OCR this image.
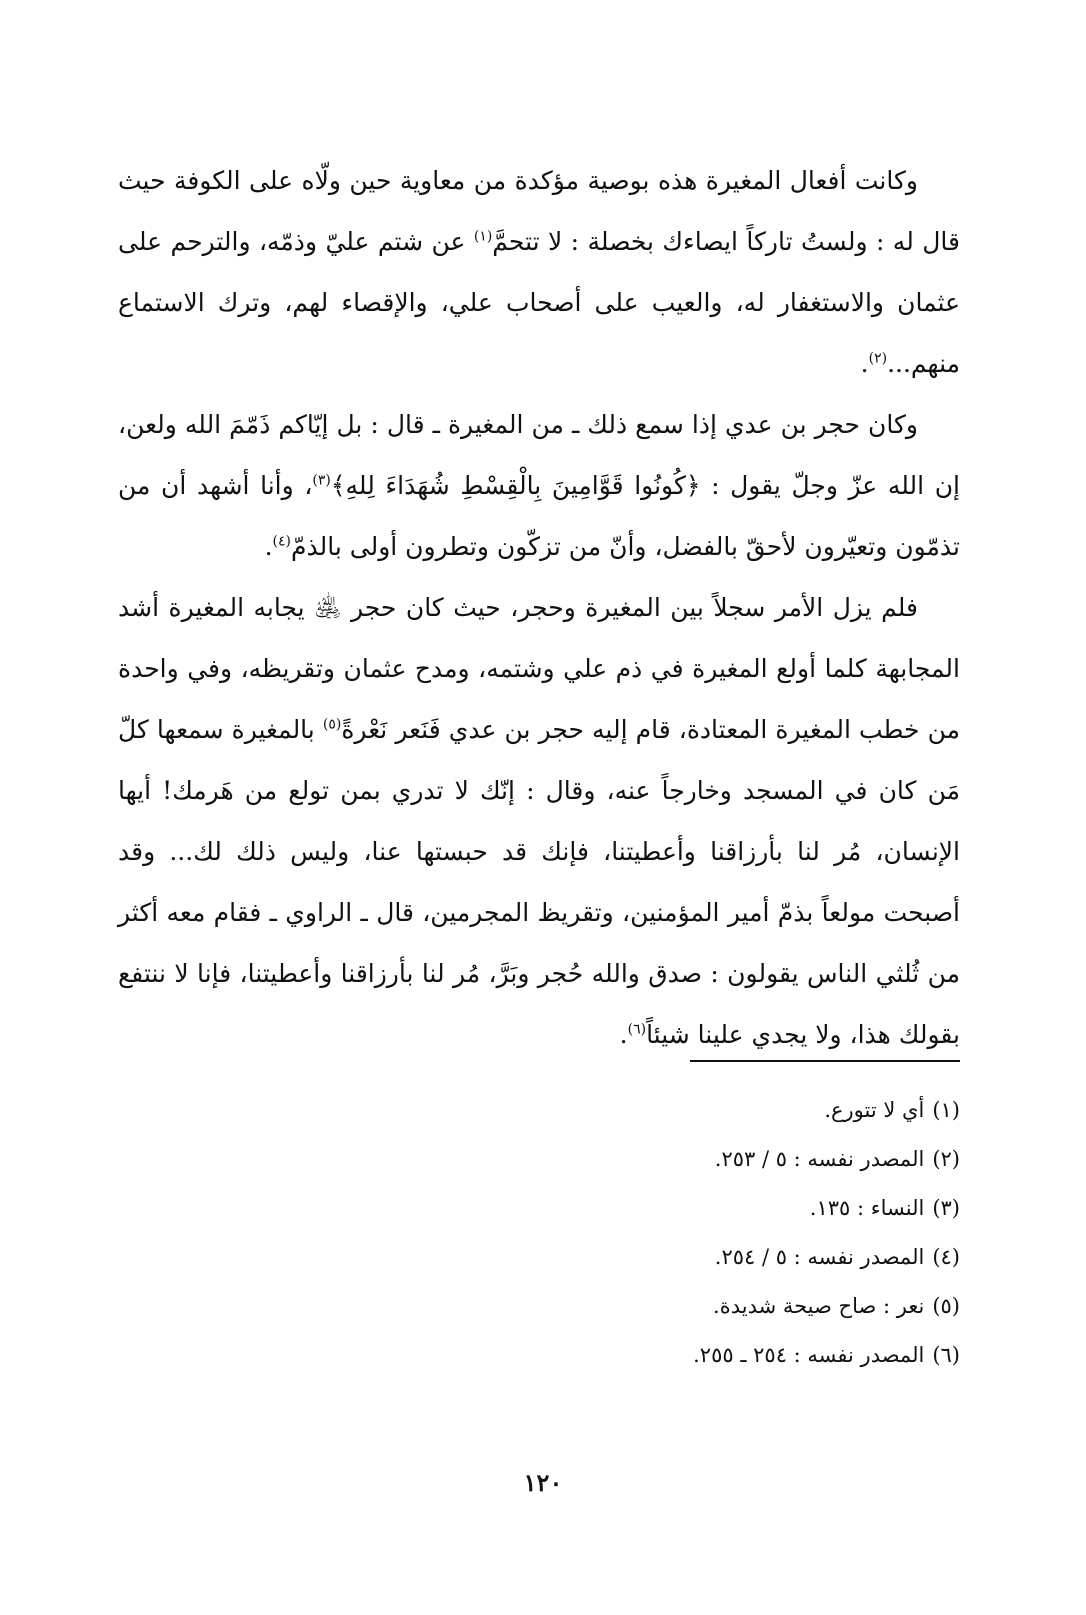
وكانت أفعال المغيرة هذه بوصية مؤكدة من معاوية حين ولّاه على الكوفة حيث قال له : ولستُ تاركاً ايصاءك بخصلة : لا تتحمَّ$^{(١)}$ عن شتم عليّ وذمّه، والترحم على عثمان والاستغفار له، والعيب على أصحاب علي، والإقصاء لهم، وترك الاستماع منهم...$^{(٢)}$.

وكان حجر بن عدي إذا سمع ذلك ـ من المغيرة ـ قال : بل إيّاكم ذَمّمَ الله ولعن، إن الله عزّ وجلّ يقول : ﴿كُونُوا قَوَّامِينَ بِالْقِسْطِ شُهَدَاءَ لِلهِ﴾$^{(٣)}$، وأنا أشهد أن من تذمّون وتعيّرون لأحقّ بالفضل، وأنّ من تزكّون وتطرون أولى بالذمّ$^{(٤)}$.

فلم يزل الأمر سجلاً بين المغيرة وحجر، حيث كان حجر ﵁ يجابه المغيرة أشد المجابهة كلما أولع المغيرة في ذم علي وشتمه، ومدح عثمان وتقريظه، وفي واحدة من خطب المغيرة المعتادة، قام إليه حجر بن عدي فَنَعر نَعْرةً$^{(٥)}$ بالمغيرة سمعها كلّ مَن كان في المسجد وخارجاً عنه، وقال : إنّك لا تدري بمن تولع من هَرمك! أيها الإنسان، مُر لنا بأرزاقنا وأعطيتنا، فإنك قد حبستها عنا، وليس ذلك لك... وقد أصبحت مولعاً بذمّ أمير المؤمنين، وتقريظ المجرمين، قال ـ الراوي ـ فقام معه أكثر من ثُلثي الناس يقولون : صدق والله حُجر وبَرَّ، مُر لنا بأرزاقنا وأعطيتنا، فإنا لا ننتفع بقولك هذا، ولا يجدي علينا شيئاً$^{(٦)}$.

(١)أي لا تتورع.
(٢)المصدر نفسه : ٥ / ٢٥٣.
(٣)النساء : ١٣٥.
(٤)المصدر نفسه : ٥ / ٢٥٤.
(٥)نعر : صاح صيحة شديدة.
(٦)المصدر نفسه : ٢٥٤ ـ ٢٥٥.
١٢٠
